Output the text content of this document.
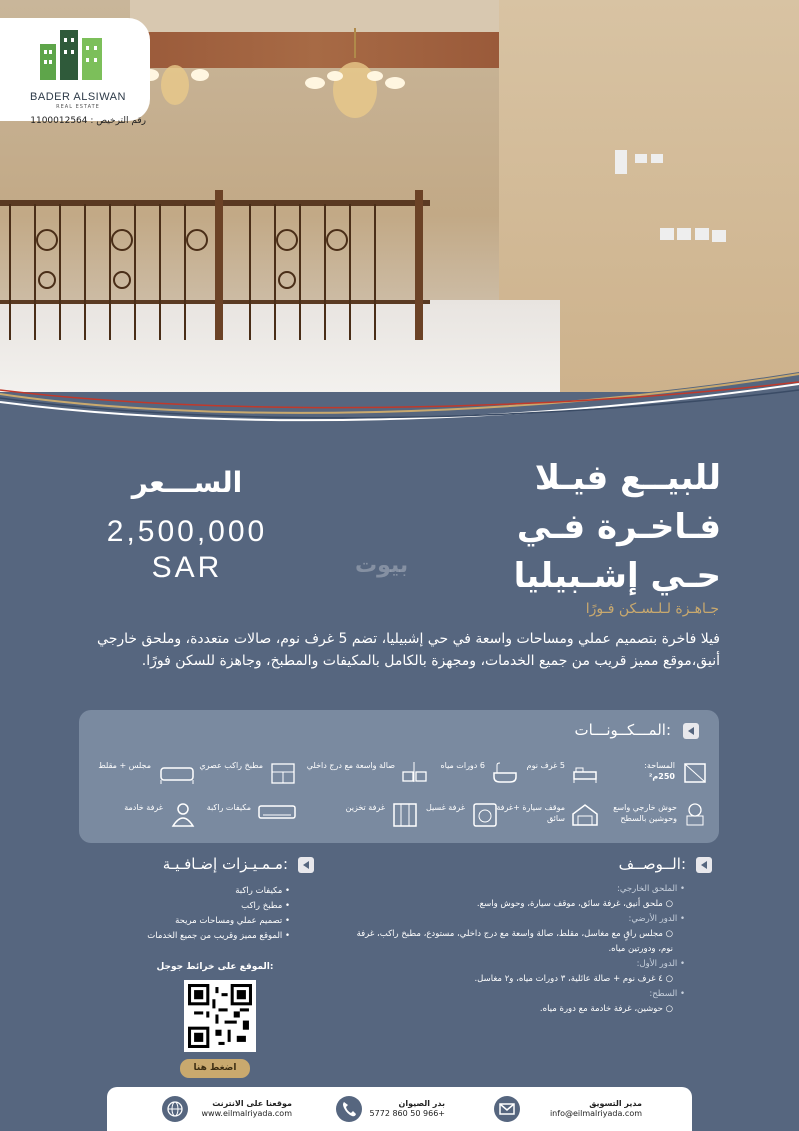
BADER ALSIWAN
REAL ESTATE
رقم الترخيص : 1100012564
للبيــع فيـلا
فـاخـرة فـي
حـي إشـبيليا
جـاهـزة لـلـسـكن فـورًا
الســـعر
2,500,000
SAR	بيوت
فيلا فاخرة بتصميم عملي ومساحات واسعة في حي إشبيليا، تضم 5 غرف نوم، صالات متعددة، وملحق خارجي أنيق،موقع مميز قريب من جميع الخدمات، ومجهزة بالكامل بالمكيفات والمطبخ، وجاهزة للسكن فورًا.
المـــكــونـــات:
المساحة:
250م²
5 غرف نوم
6 دورات مياه
صالة واسعة مع درج داخلي
مطبخ راكب عصري
مجلس + مقلط
حوش خارجي واسع وحوشين بالسطح
موقف سيارة +غرفة سائق
غرفة غسيل
غرفة تخزين
مكيفات راكبة
غرفة خادمة
مـمـيـزات إضـافـيـة:
• مكيفات راكبة
• مطبخ راكب
• تصميم عملي ومساحات مريحة
• الموقع مميز وقريب من جميع الخدمات
الموقع على خرائط جوجل:
اضغط هنا
الــوصــف:
• الملحق الخارجي:
○ ملحق أنيق، غرفة سائق، موقف سيارة، وحوش واسع.
• الدور الأرضي:
○ مجلس راقٍ مع مغاسل، مقلط، صالة واسعة مع درج داخلي، مستودع، مطبخ راكب، غرفة نوم، ودورتين مياه.
• الدور الأول:
○ ٤ غرف نوم + صالة عائلية، ٣ دورات مياه، و٢ مغاسل.
• السطح:
○ حوشين، غرفة خادمة مع دورة مياه.
مدير التسويق
info@eilmalriyada.com
بدر الصيوان
+966 50 860 5772
موقعنا على الانترنت
www.eilmalriyada.com
